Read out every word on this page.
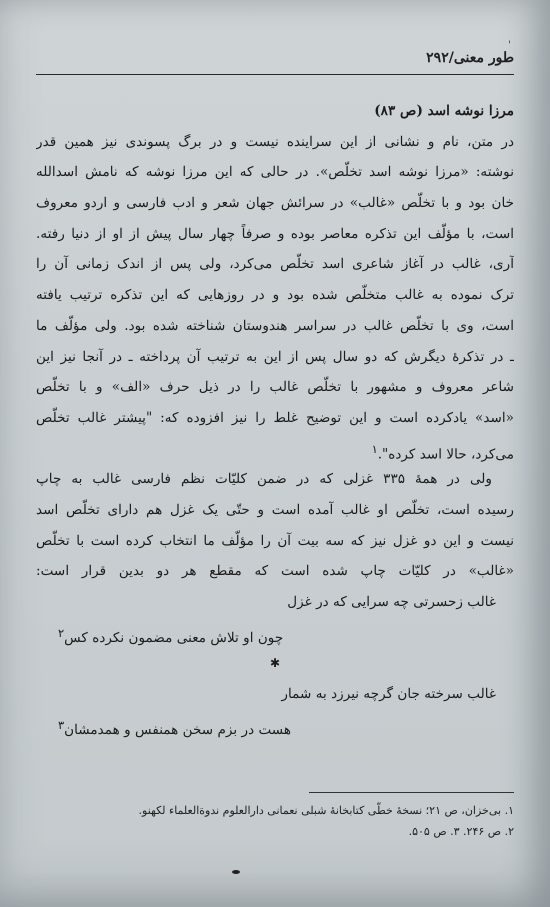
'
طور معنی/۲۹۲
مرزا نوشه اسد (ص ۸۳)
در متن، نام و نشانی از این سراینده نیست و در برگ پسوندی نیز همین قدر
نوشته: «مرزا نوشه اسد تخلّص». در حالی که این مرزا نوشه که نامش اسدالله
خان بود و با تخلّص «غالب» در سرائش جهان شعر و ادب فارسی و اردو معروف
است، با مؤلّف این تذکره معاصر بوده و صرفاً چهار سال پیش از او از دنیا رفته.
آری، غالب در آغاز شاعری اسد تخلّص می‌کرد، ولی پس از اندک زمانی آن را
ترک نموده به غالب متخلّص شده بود و در روزهایی که این تذکره ترتیب یافته
است، وی با تخلّص غالب در سراسر هندوستان شناخته شده بود. ولی مؤلّف ما
ـ در تذکرهٔ دیگرش که دو سال پس از این به ترتیب آن پرداخته ـ در آنجا نیز این
شاعر معروف و مشهور با تخلّص غالب را در ذیل حرف «الف» و با تخلّص
«اسد» یادکرده است و این توضیح غلط را نیز افزوده که: "پیشتر غالب تخلّص
می‌کرد، حالا اسد کرده".$^۱$
ولی در همهٔ ۳۳۵ غزلی که در ضمن کلیّات نظم فارسی غالب به چاپ
رسیده است، تخلّص او غالب آمده است و حتّی یک غزل هم دارای تخلّص اسد
نیست و این دو غزل نیز که سه بیت آن را مؤلّف ما انتخاب کرده است با تخلّص
«غالب» در کلیّات چاپ شده است که مقطع هر دو بدین قرار است:
غالب زحسرتی چه سرایی که در غزل
چون او تلاش معنی مضمون نکرده کس$^۲$
✱
غالب سرخته جان گرچه نیرزد به شمار
هست در بزم سخن همنفس و همدمشان$^۳$
۱. بی‌خزان، ص ۲۱؛ نسخهٔ خطّی کتابخانهٔ شبلی نعمانی دارالعلوم ندوةالعلماء لکهنو.
۲. ص ۲۴۶. ۳. ص ۵۰۵.
